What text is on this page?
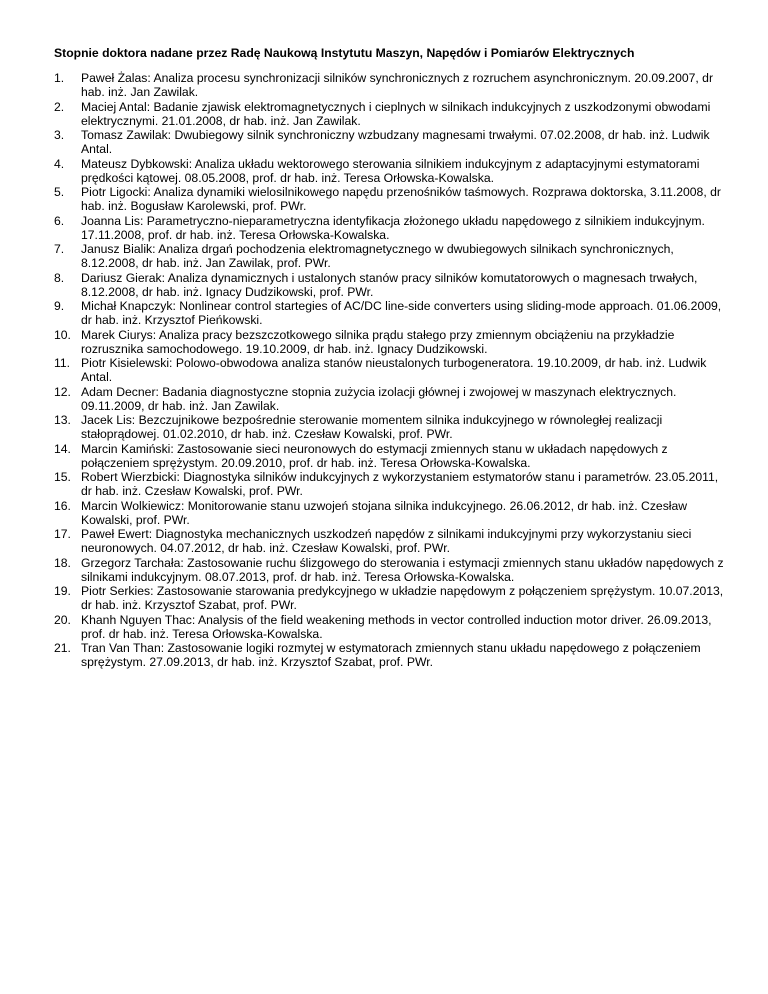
Stopnie doktora nadane przez Radę Naukową Instytutu Maszyn, Napędów i Pomiarów Elektrycznych
1.	Paweł Żalas: Analiza procesu synchronizacji silników synchronicznych z rozruchem asynchronicznym. 20.09.2007, dr hab. inż. Jan Zawilak.
2.	Maciej Antal: Badanie zjawisk elektromagnetycznych i cieplnych w silnikach indukcyjnych z uszkodzonymi obwodami elektrycznymi. 21.01.2008, dr hab. inż. Jan Zawilak.
3.	Tomasz Zawilak: Dwubiegowy silnik synchroniczny wzbudzany magnesami trwałymi. 07.02.2008, dr hab. inż. Ludwik Antal.
4.	Mateusz Dybkowski: Analiza układu wektorowego sterowania silnikiem indukcyjnym z adaptacyjnymi estymatorami prędkości kątowej. 08.05.2008, prof. dr hab. inż. Teresa Orłowska-Kowalska.
5.	Piotr Ligocki: Analiza dynamiki wielosilnikowego napędu przenośników taśmowych. Rozprawa doktorska, 3.11.2008, dr hab. inż. Bogusław Karolewski, prof. PWr.
6.	Joanna Lis: Parametryczno-nieparametryczna identyfikacja złożonego układu napędowego z silnikiem indukcyjnym. 17.11.2008, prof. dr hab. inż. Teresa Orłowska-Kowalska.
7.	Janusz Bialik: Analiza drgań pochodzenia elektromagnetycznego w dwubiegowych silnikach synchronicznych, 8.12.2008, dr hab. inż. Jan Zawilak, prof. PWr.
8.	Dariusz Gierak: Analiza dynamicznych i ustalonych stanów pracy silników komutatorowych o magnesach trwałych, 8.12.2008, dr hab. inż. Ignacy Dudzikowski, prof. PWr.
9.	Michał Knapczyk: Nonlinear control startegies of AC/DC line-side converters using sliding-mode approach. 01.06.2009, dr hab. inż. Krzysztof Pieńkowski.
10. Marek Ciurys: Analiza pracy bezszczotkowego silnika prądu stałego przy zmiennym obciążeniu na przykładzie rozrusznika samochodowego. 19.10.2009, dr hab. inż. Ignacy Dudzikowski.
11. Piotr Kisielewski: Polowo-obwodowa analiza stanów nieustalonych turbogeneratora. 19.10.2009, dr hab. inż. Ludwik Antal.
12. Adam Decner: Badania diagnostyczne stopnia zużycia izolacji głównej i zwojowej w maszynach elektrycznych. 09.11.2009, dr hab. inż. Jan Zawilak.
13. Jacek Lis: Bezczujnikowe bezpośrednie sterowanie momentem silnika indukcyjnego w równoległej realizacji stałoprądowej. 01.02.2010, dr hab. inż. Czesław Kowalski, prof. PWr.
14. Marcin Kamiński: Zastosowanie sieci neuronowych do estymacji zmiennych stanu w układach napędowych z połączeniem sprężystym. 20.09.2010, prof. dr hab. inż. Teresa Orłowska-Kowalska.
15. Robert Wierzbicki: Diagnostyka silników indukcyjnych z wykorzystaniem estymatorów stanu i parametrów. 23.05.2011, dr hab. inż. Czesław Kowalski, prof. PWr.
16. Marcin Wolkiewicz: Monitorowanie stanu uzwojeń stojana silnika indukcyjnego. 26.06.2012, dr hab. inż. Czesław Kowalski, prof. PWr.
17. Paweł Ewert: Diagnostyka mechanicznych uszkodzeń napędów z silnikami indukcyjnymi przy wykorzystaniu sieci neuronowych. 04.07.2012, dr hab. inż. Czesław Kowalski, prof. PWr.
18. Grzegorz Tarchała: Zastosowanie ruchu ślizgowego do sterowania i estymacji zmiennych stanu układów napędowych z silnikami indukcyjnym. 08.07.2013, prof. dr hab. inż. Teresa Orłowska-Kowalska.
19. Piotr Serkies: Zastosowanie starowania predykcyjnego w układzie napędowym z połączeniem sprężystym. 10.07.2013, dr hab. inż. Krzysztof Szabat, prof. PWr.
20. Khanh Nguyen Thac: Analysis of the field weakening methods in vector controlled induction motor driver. 26.09.2013, prof. dr hab. inż. Teresa Orłowska-Kowalska.
21. Tran Van Than: Zastosowanie logiki rozmytej w estymatorach zmiennych stanu układu napędowego z połączeniem sprężystym. 27.09.2013, dr hab. inż. Krzysztof Szabat, prof. PWr.
